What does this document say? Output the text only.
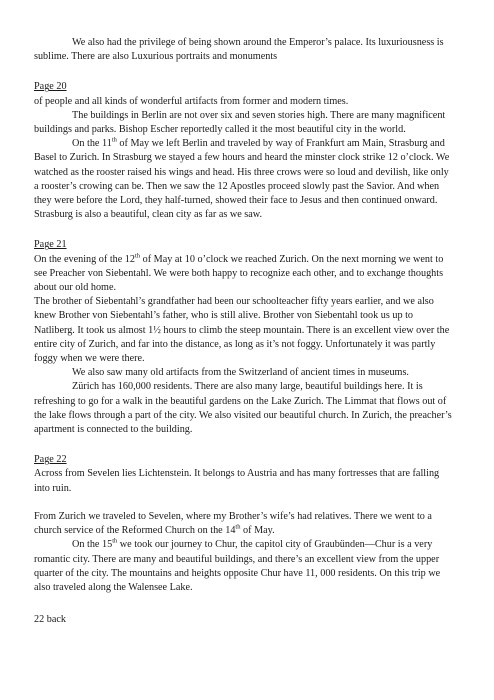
We also had the privilege of being shown around the Emperor’s palace. Its luxuriousness is sublime. There are also Luxurious portraits and monuments

Page 20

of people and all kinds of wonderful artifacts from former and modern times.

The buildings in Berlin are not over six and seven stories high. There are many magnificent buildings and parks. Bishop Escher reportedly called it the most beautiful city in the world.

On the 11th of May we left Berlin and traveled by way of Frankfurt am Main, Strasburg and Basel to Zurich. In Strasburg we stayed a few hours and heard the minster clock strike 12 o’clock. We watched as the rooster raised his wings and head. His three crows were so loud and devilish, like only a rooster’s crowing can be. Then we saw the 12 Apostles proceed slowly past the Savior. And when they were before the Lord, they half-turned, showed their face to Jesus and then continued onward. Strasburg is also a beautiful, clean city as far as we saw.

Page 21

On the evening of the 12th of May at 10 o’clock we reached Zurich. On the next morning we went to see Preacher von Siebentahl. We were both happy to recognize each other, and to exchange thoughts about our old home.

The brother of Siebentahl’s grandfather had been our schoolteacher fifty years earlier, and we also knew Brother von Siebentahl’s father, who is still alive. Brother von Siebentahl took us up to Natliberg. It took us almost 1½ hours to climb the steep mountain. There is an excellent view over the entire city of Zurich, and far into the distance, as long as it’s not foggy. Unfortunately it was partly foggy when we were there.

We also saw many old artifacts from the Switzerland of ancient times in museums.

Zürich has 160,000 residents. There are also many large, beautiful buildings here. It is refreshing to go for a walk in the beautiful gardens on the Lake Zurich. The Limmat that flows out of the lake flows through a part of the city. We also visited our beautiful church. In Zurich, the preacher’s apartment is connected to the building.

Page 22

Across from Sevelen lies Lichtenstein. It belongs to Austria and has many fortresses that are falling into ruin.

From Zurich we traveled to Sevelen, where my Brother’s wife’s had relatives. There we went to a church service of the Reformed Church on the 14th of May.

On the 15th we took our journey to Chur, the capitol city of Graubünden—Chur is a very romantic city. There are many and beautiful buildings, and there’s an excellent view from the upper quarter of the city. The mountains and heights opposite Chur have 11, 000 residents. On this trip we also traveled along the Walensee Lake.

22 back
